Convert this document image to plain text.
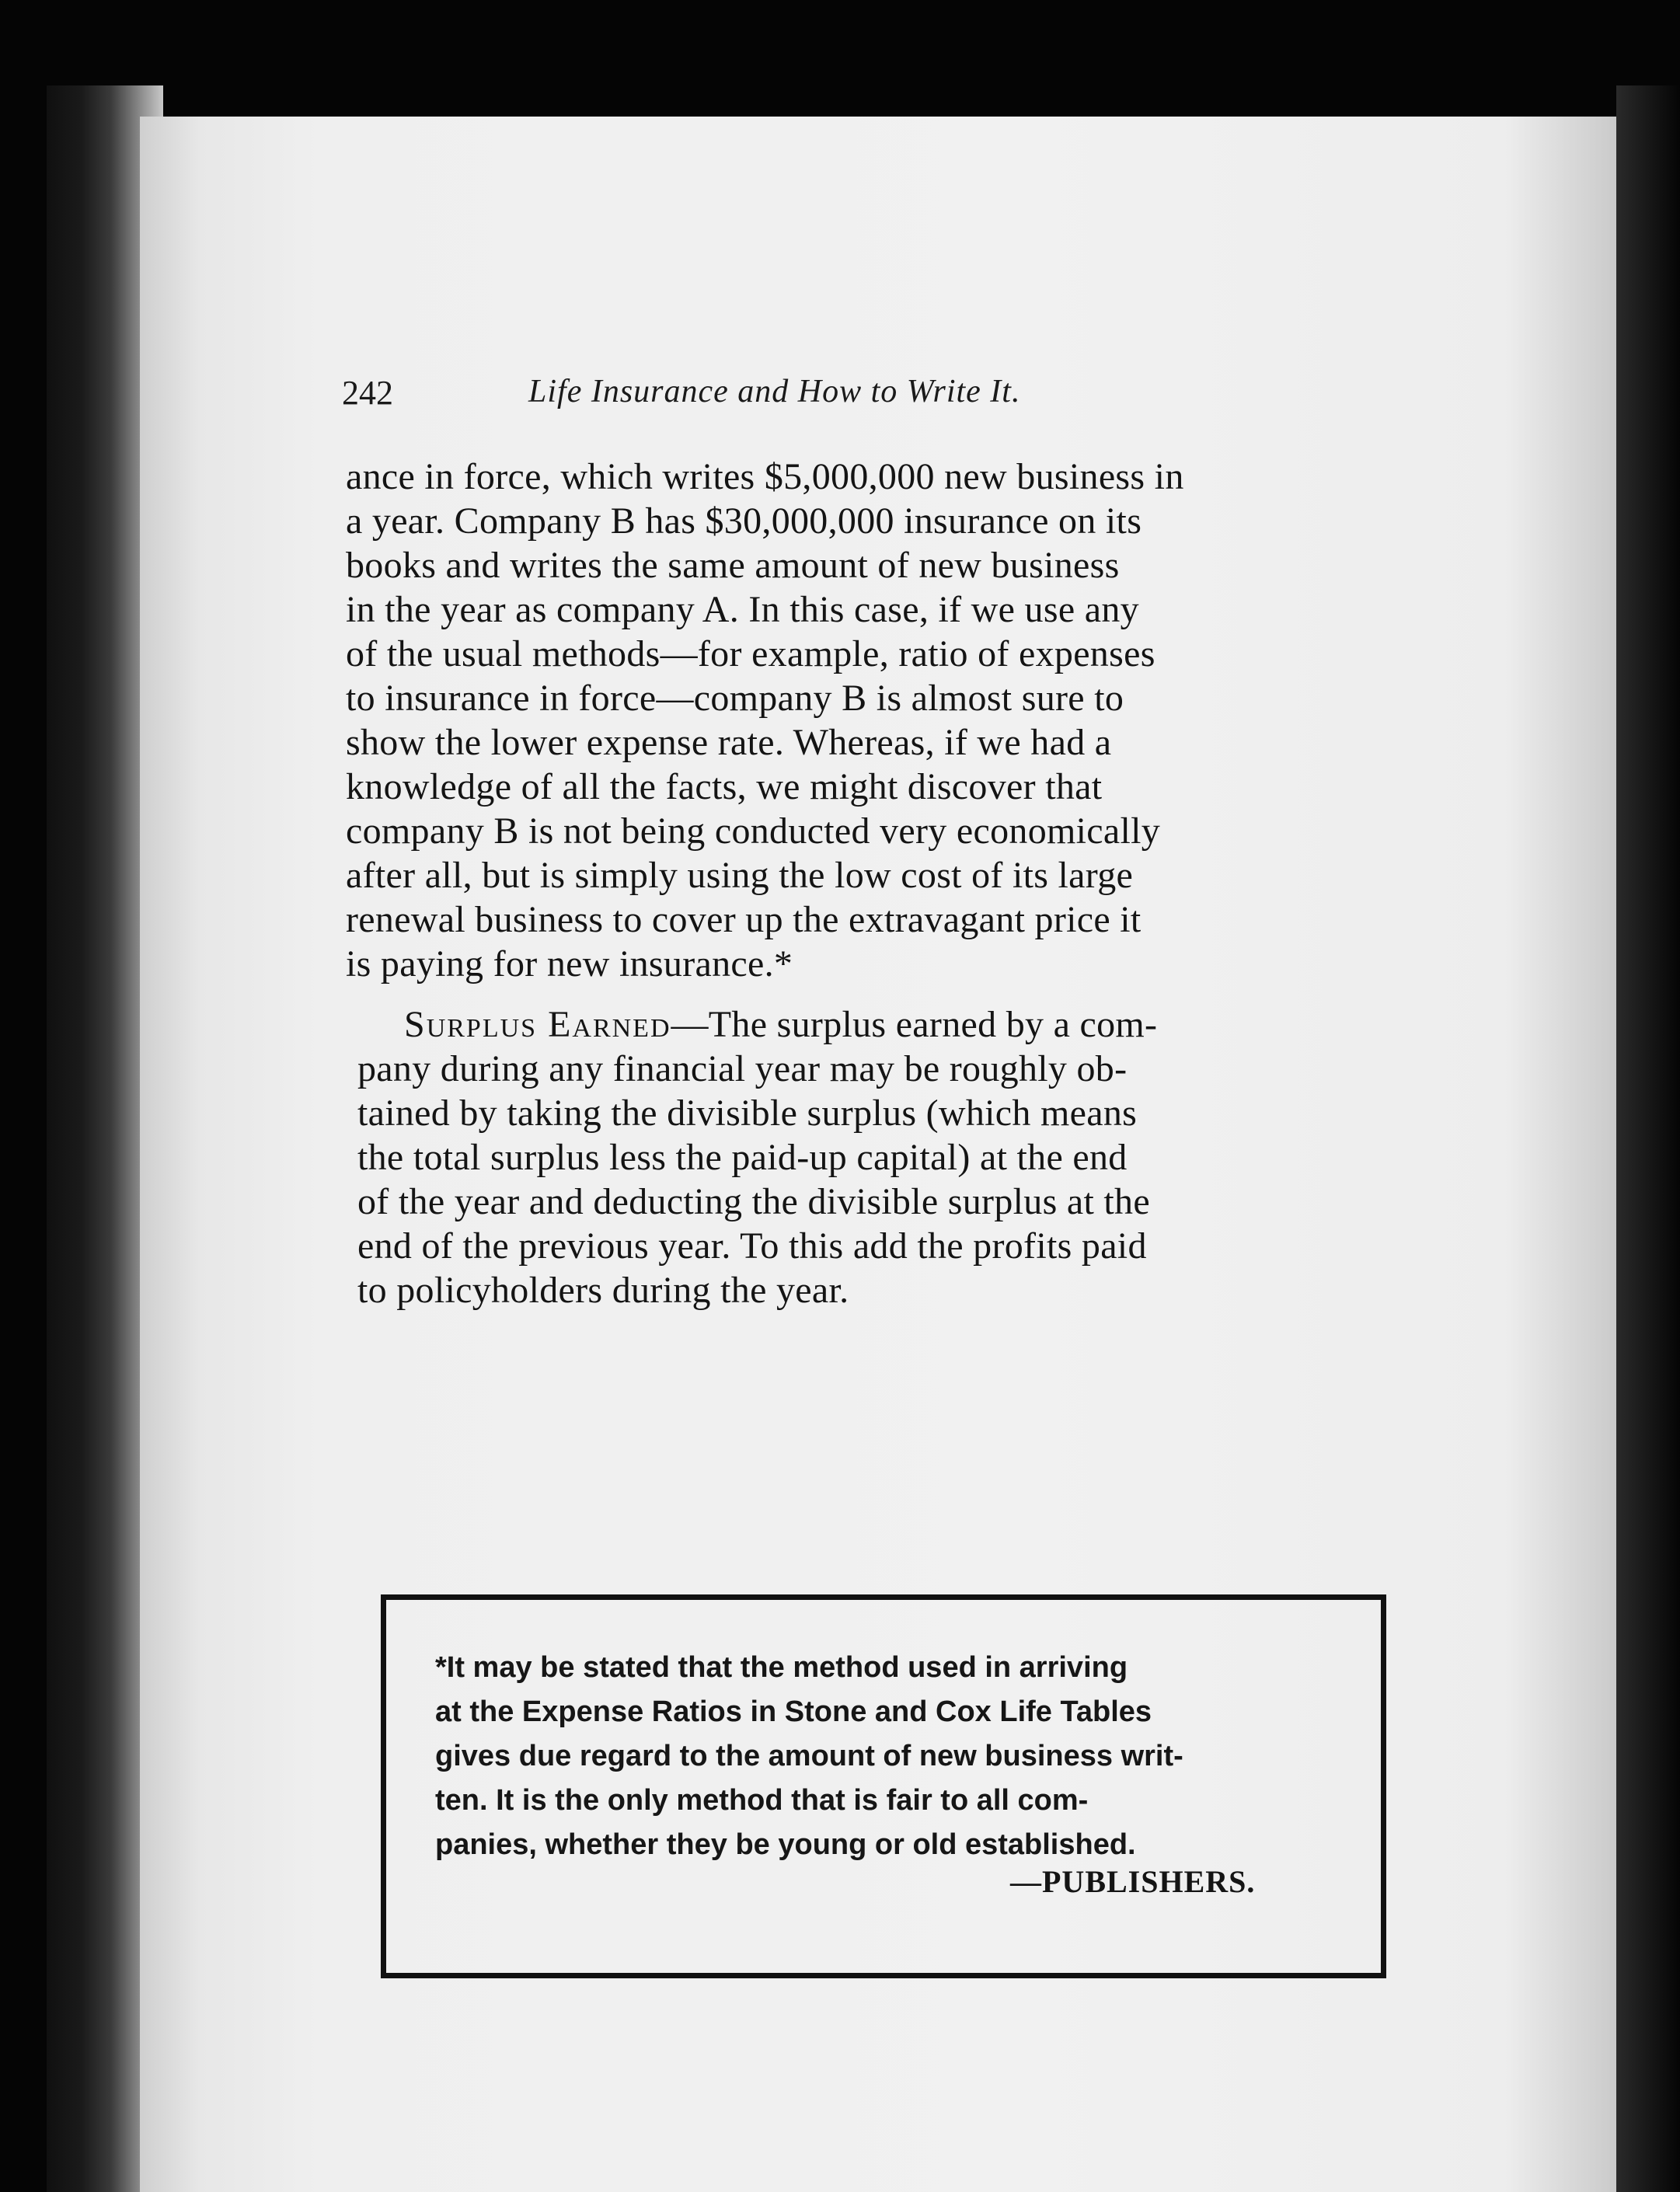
242	Life Insurance and How to Write It.
ance in force, which writes $5,000,000 new business in
a year. Company B has $30,000,000 insurance on its
books and writes the same amount of new business
in the year as company A. In this case, if we use any
of the usual methods—for example, ratio of expenses
to insurance in force—company B is almost sure to
show the lower expense rate. Whereas, if we had a
knowledge of all the facts, we might discover that
company B is not being conducted very economically
after all, but is simply using the low cost of its large
renewal business to cover up the extravagant price it
is paying for new insurance.*
Surplus Earned—The surplus earned by a com-
pany during any financial year may be roughly ob-
tained by taking the divisible surplus (which means
the total surplus less the paid-up capital) at the end
of the year and deducting the divisible surplus at the
end of the previous year. To this add the profits paid
to policyholders during the year.
*It may be stated that the method used in arriving
at the Expense Ratios in Stone and Cox Life Tables
gives due regard to the amount of new business writ-
ten. It is the only method that is fair to all com-
panies, whether they be young or old established.
—PUBLISHERS.
